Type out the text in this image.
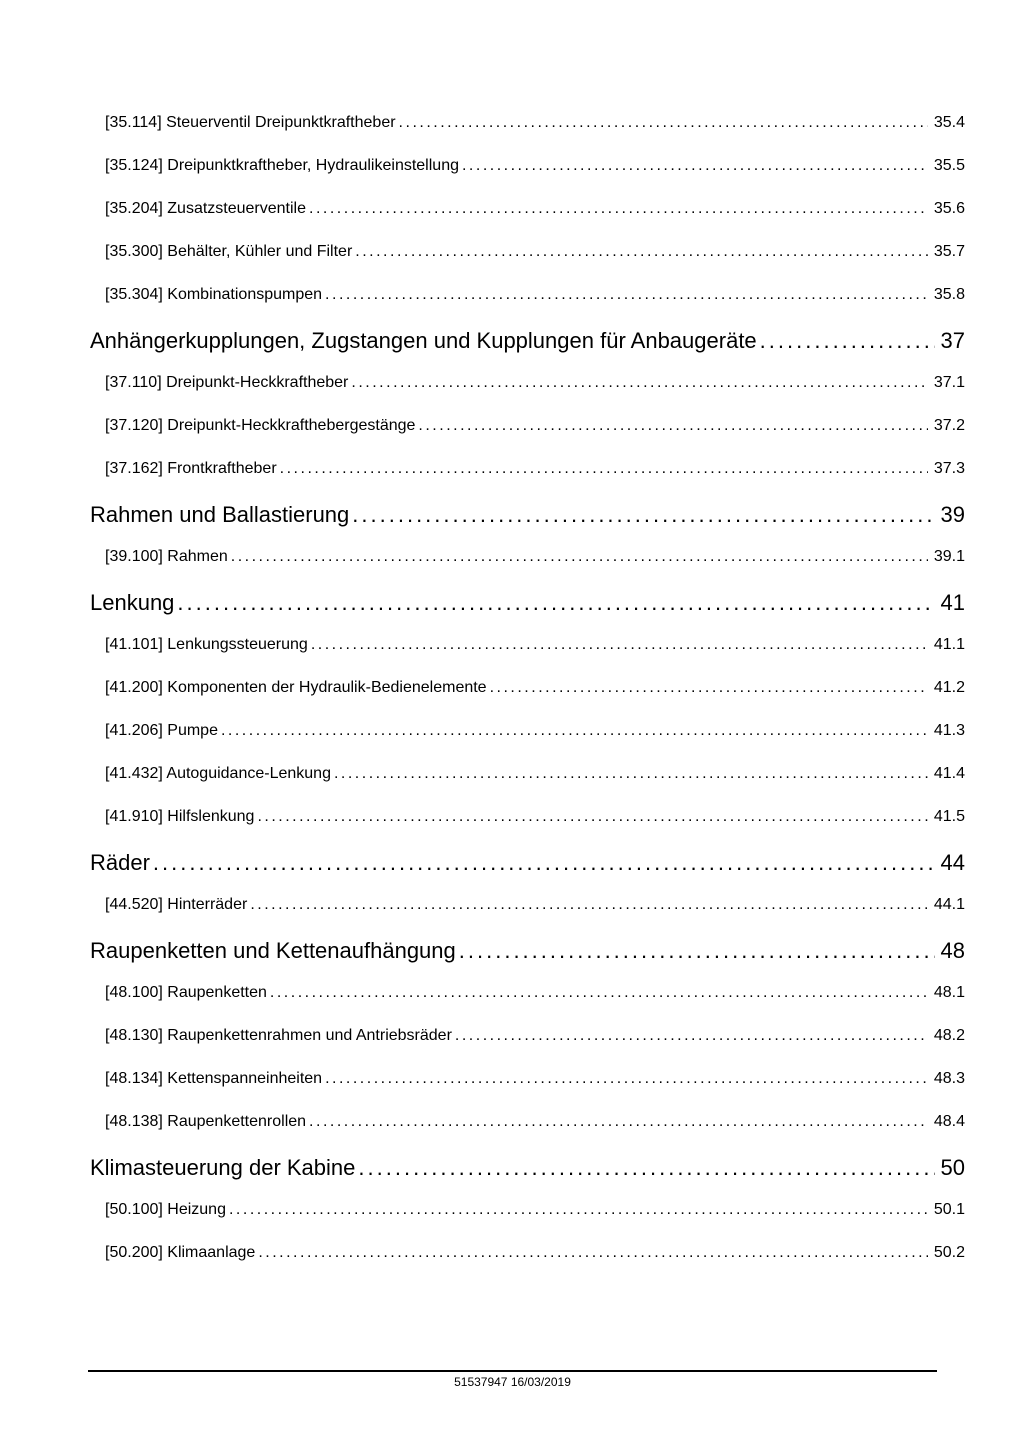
[35.114] Steuerventil Dreipunktkraftheber .....	35.4
[35.124] Dreipunktkraftheber, Hydraulikeinstellung .....	35.5
[35.204] Zusatzsteuerventile .....	35.6
[35.300] Behälter, Kühler und Filter .....	35.7
[35.304] Kombinationspumpen .....	35.8
Anhängerkupplungen, Zugstangen und Kupplungen für Anbaugeräte .....	37
[37.110] Dreipunkt-Heckkraftheber .....	37.1
[37.120] Dreipunkt-Heckkrafthebergestänge .....	37.2
[37.162] Frontkraftheber .....	37.3
Rahmen und Ballastierung .....	39
[39.100] Rahmen .....	39.1
Lenkung .....	41
[41.101] Lenkungssteuerung .....	41.1
[41.200] Komponenten der Hydraulik-Bedienelemente .....	41.2
[41.206] Pumpe .....	41.3
[41.432] Autoguidance-Lenkung .....	41.4
[41.910] Hilfslenkung .....	41.5
Räder .....	44
[44.520] Hinterräder .....	44.1
Raupenketten und Kettenaufhängung .....	48
[48.100] Raupenketten .....	48.1
[48.130] Raupenkettenrahmen und Antriebsräder .....	48.2
[48.134] Kettenspanneinheiten .....	48.3
[48.138] Raupenkettenrollen .....	48.4
Klimasteuerung der Kabine .....	50
[50.100] Heizung .....	50.1
[50.200] Klimaanlage .....	50.2
51537947 16/03/2019
